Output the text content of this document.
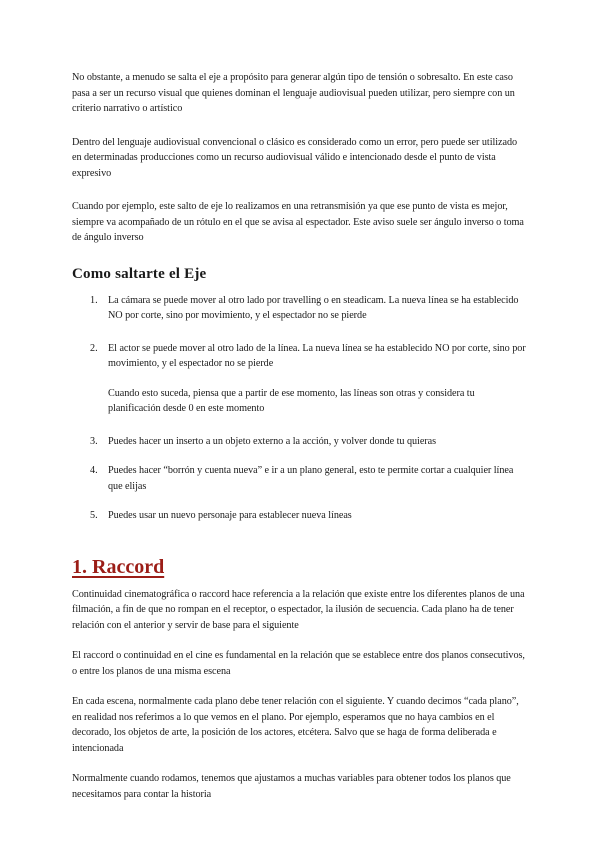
No obstante, a menudo se salta el eje a propósito para generar algún tipo de tensión o sobresalto. En este caso pasa a ser un recurso visual que quienes dominan el lenguaje audiovisual pueden utilizar, pero siempre con un criterio narrativo o artístico

Dentro del lenguaje audiovisual convencional o clásico es considerado como un error, pero puede ser utilizado en determinadas producciones como un recurso audiovisual válido e intencionado desde el punto de vista expresivo

Cuando por ejemplo, este salto de eje lo realizamos en una retransmisión ya que ese punto de vista es mejor, siempre va acompañado de un rótulo en el que se avisa al espectador. Este aviso suele ser ángulo inverso o toma de ángulo inverso

Como saltarte el Eje
1. La cámara se puede mover al otro lado por travelling o en steadicam. La nueva línea se ha establecido NO por corte, sino por movimiento, y el espectador no se pierde

2. El actor se puede mover al otro lado de la línea. La nueva línea se ha establecido NO por corte, sino por movimiento, y el espectador no se pierde

Cuando esto suceda, piensa que a partir de ese momento, las líneas son otras y considera tu planificación desde 0 en este momento

3. Puedes hacer un inserto a un objeto externo a la acción, y volver donde tu quieras

4. Puedes hacer “borrón y cuenta nueva” e ir a un plano general, esto te permite cortar a cualquier línea que elijas

5. Puedes usar un nuevo personaje para establecer nueva líneas

1. Raccord

Continuidad cinematográfica o raccord hace referencia a la relación que existe entre los diferentes planos de una filmación, a fin de que no rompan en el receptor, o espectador, la ilusión de secuencia. Cada plano ha de tener relación con el anterior y servir de base para el siguiente

El raccord o continuidad en el cine es fundamental en la relación que se establece entre dos planos consecutivos, o entre los planos de una misma escena

En cada escena, normalmente cada plano debe tener relación con el siguiente. Y cuando decimos “cada plano”, en realidad nos referimos a lo que vemos en el plano. Por ejemplo, esperamos que no haya cambios en el decorado, los objetos de arte, la posición de los actores, etcétera. Salvo que se haga de forma deliberada e intencionada

Normalmente cuando rodamos, tenemos que ajustamos a muchas variables para obtener todos los planos que necesitamos para contar la historia
